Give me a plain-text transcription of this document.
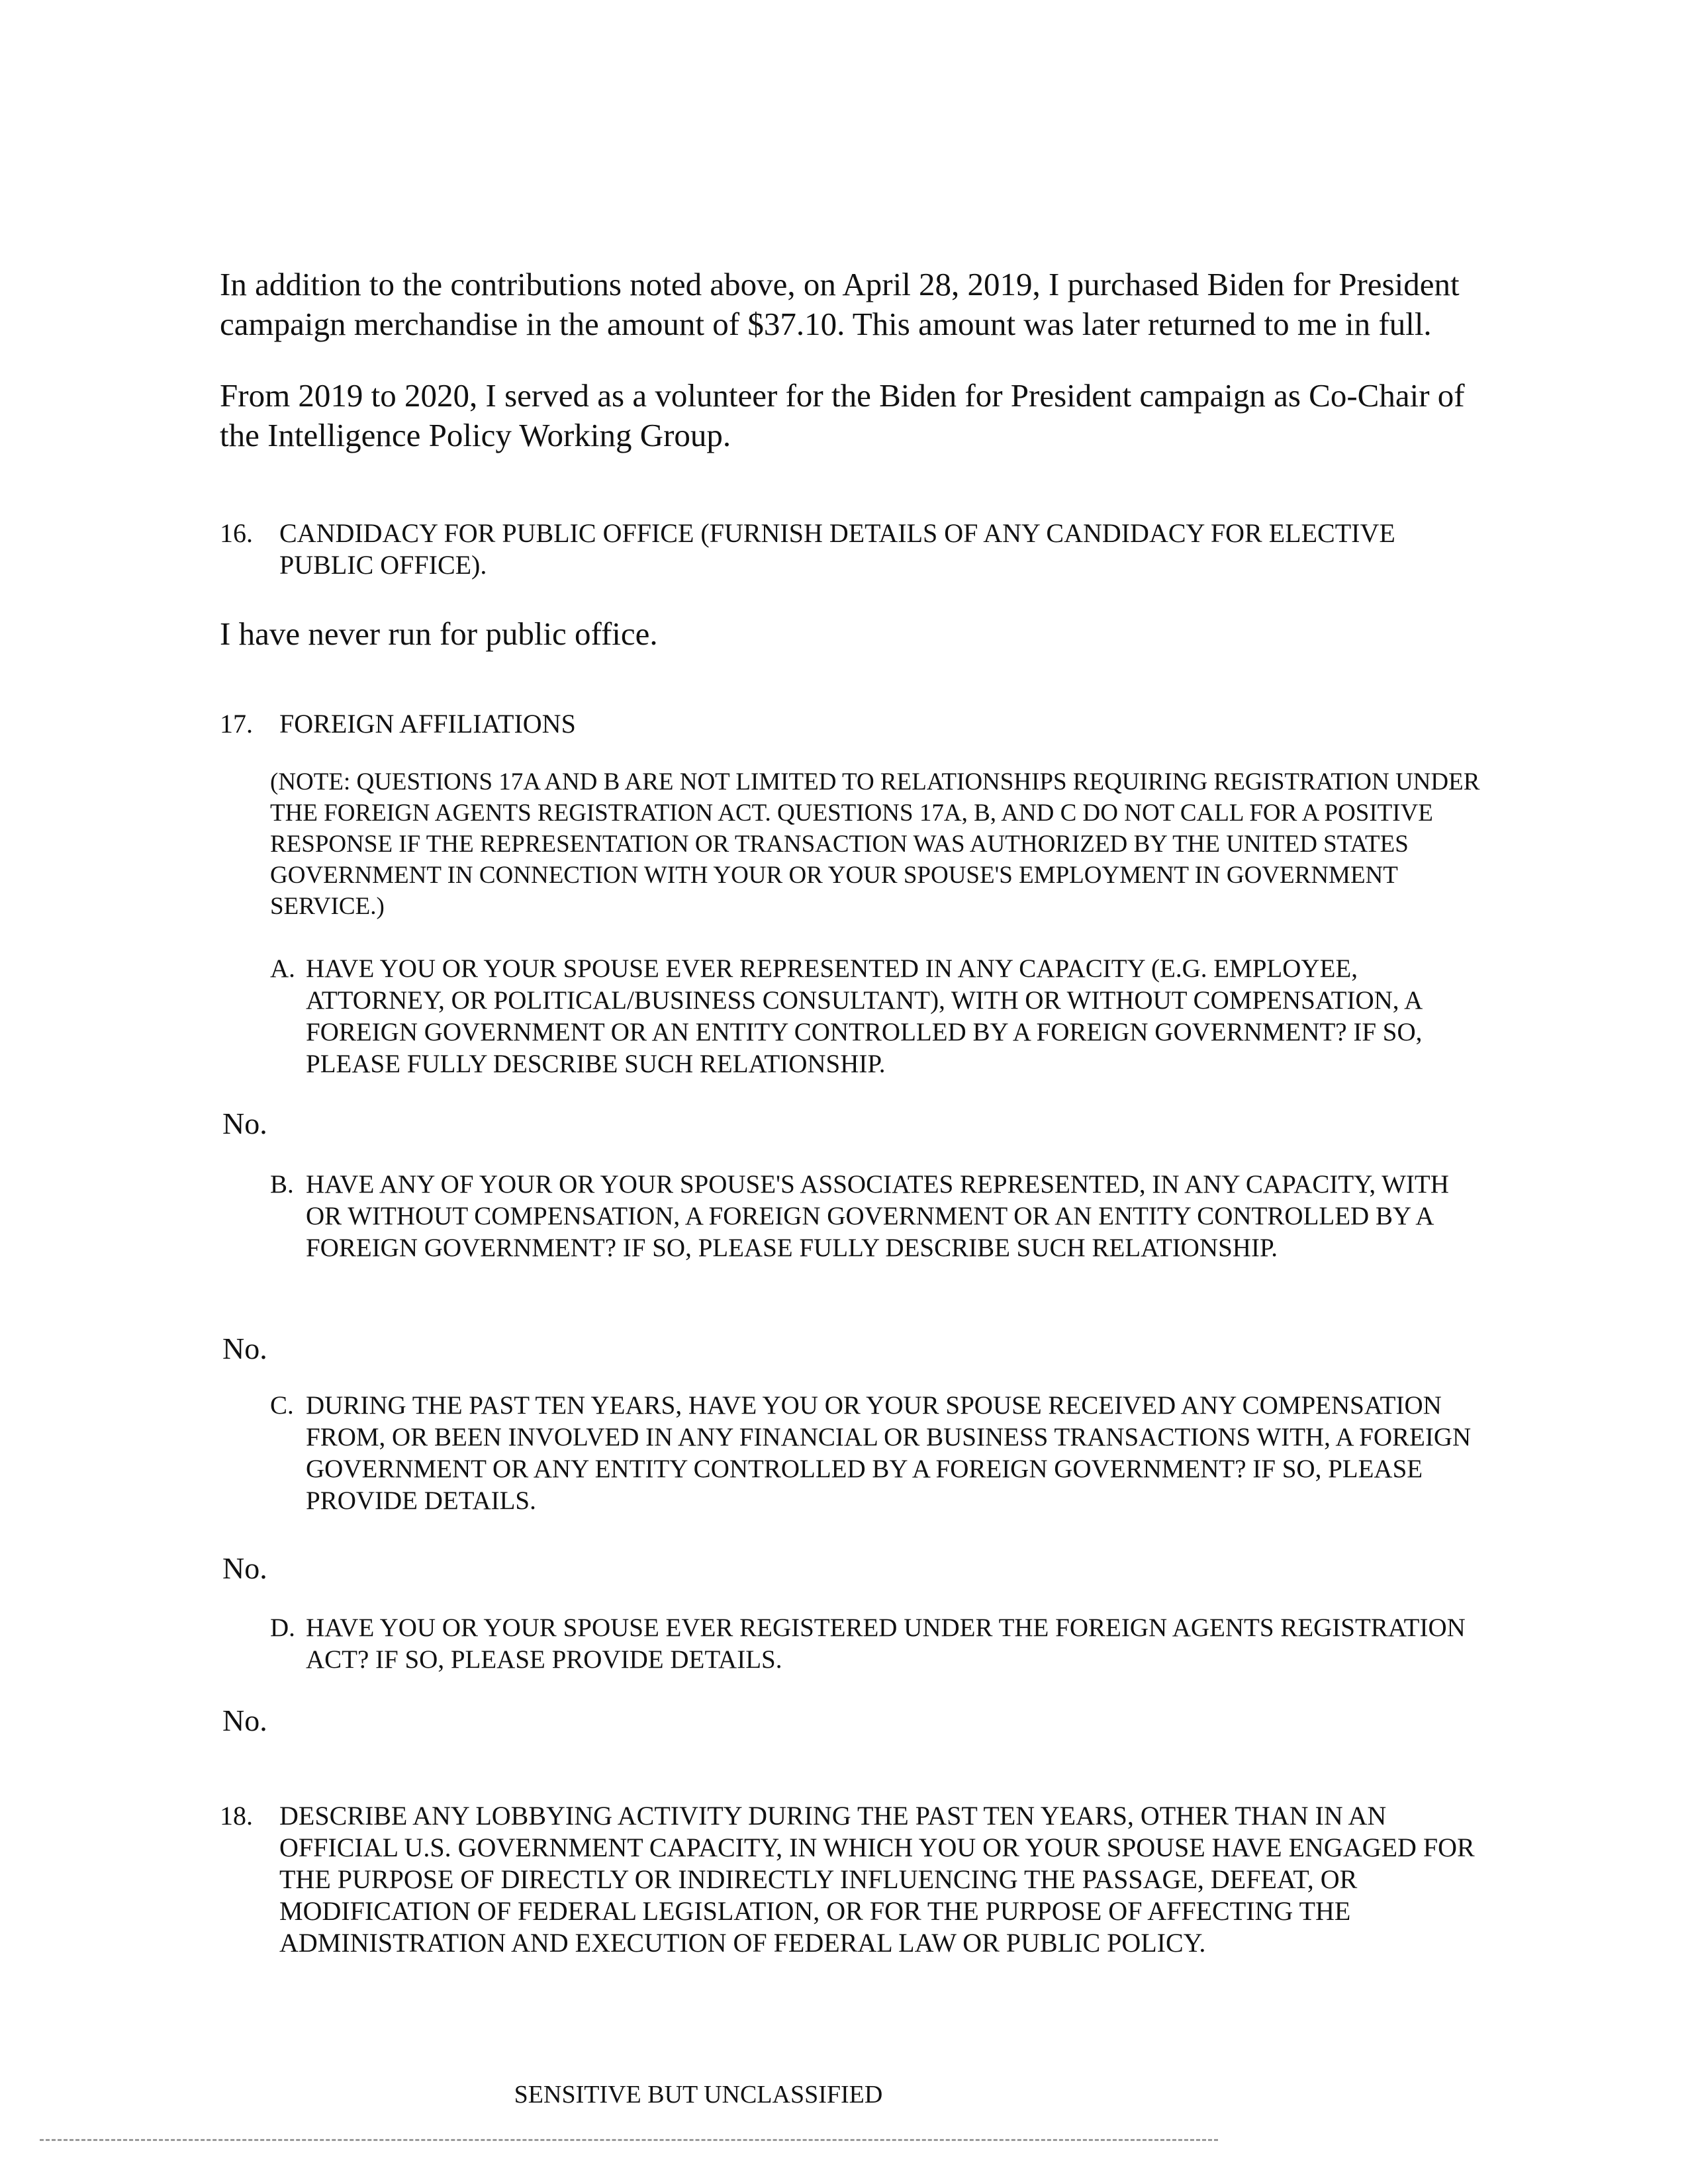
In addition to the contributions noted above, on April 28, 2019, I purchased Biden for President campaign merchandise in the amount of $37.10. This amount was later returned to me in full.

From 2019 to 2020, I served as a volunteer for the Biden for President campaign as Co-Chair of the Intelligence Policy Working Group.

16.	CANDIDACY FOR PUBLIC OFFICE (FURNISH DETAILS OF ANY CANDIDACY FOR ELECTIVE PUBLIC OFFICE).
I have never run for public office.
17.	FOREIGN AFFILIATIONS
(NOTE: QUESTIONS 17A AND B ARE NOT LIMITED TO RELATIONSHIPS REQUIRING REGISTRATION UNDER THE FOREIGN AGENTS REGISTRATION ACT. QUESTIONS 17A, B, AND C DO NOT CALL FOR A POSITIVE RESPONSE IF THE REPRESENTATION OR TRANSACTION WAS AUTHORIZED BY THE UNITED STATES GOVERNMENT IN CONNECTION WITH YOUR OR YOUR SPOUSE'S EMPLOYMENT IN GOVERNMENT SERVICE.)
A. HAVE YOU OR YOUR SPOUSE EVER REPRESENTED IN ANY CAPACITY (E.G. EMPLOYEE, ATTORNEY, OR POLITICAL/BUSINESS CONSULTANT), WITH OR WITHOUT COMPENSATION, A FOREIGN GOVERNMENT OR AN ENTITY CONTROLLED BY A FOREIGN GOVERNMENT? IF SO, PLEASE FULLY DESCRIBE SUCH RELATIONSHIP.
No.
B. HAVE ANY OF YOUR OR YOUR SPOUSE'S ASSOCIATES REPRESENTED, IN ANY CAPACITY, WITH OR WITHOUT COMPENSATION, A FOREIGN GOVERNMENT OR AN ENTITY CONTROLLED BY A FOREIGN GOVERNMENT? IF SO, PLEASE FULLY DESCRIBE SUCH RELATIONSHIP.
No.
C. DURING THE PAST TEN YEARS, HAVE YOU OR YOUR SPOUSE RECEIVED ANY COMPENSATION FROM, OR BEEN INVOLVED IN ANY FINANCIAL OR BUSINESS TRANSACTIONS WITH, A FOREIGN GOVERNMENT OR ANY ENTITY CONTROLLED BY A FOREIGN GOVERNMENT? IF SO, PLEASE PROVIDE DETAILS.
No.
D. HAVE YOU OR YOUR SPOUSE EVER REGISTERED UNDER THE FOREIGN AGENTS REGISTRATION ACT? IF SO, PLEASE PROVIDE DETAILS.
No.
18.	DESCRIBE ANY LOBBYING ACTIVITY DURING THE PAST TEN YEARS, OTHER THAN IN AN OFFICIAL U.S. GOVERNMENT CAPACITY, IN WHICH YOU OR YOUR SPOUSE HAVE ENGAGED FOR THE PURPOSE OF DIRECTLY OR INDIRECTLY INFLUENCING THE PASSAGE, DEFEAT, OR MODIFICATION OF FEDERAL LEGISLATION, OR FOR THE PURPOSE OF AFFECTING THE ADMINISTRATION AND EXECUTION OF FEDERAL LAW OR PUBLIC POLICY.
SENSITIVE BUT UNCLASSIFIED
